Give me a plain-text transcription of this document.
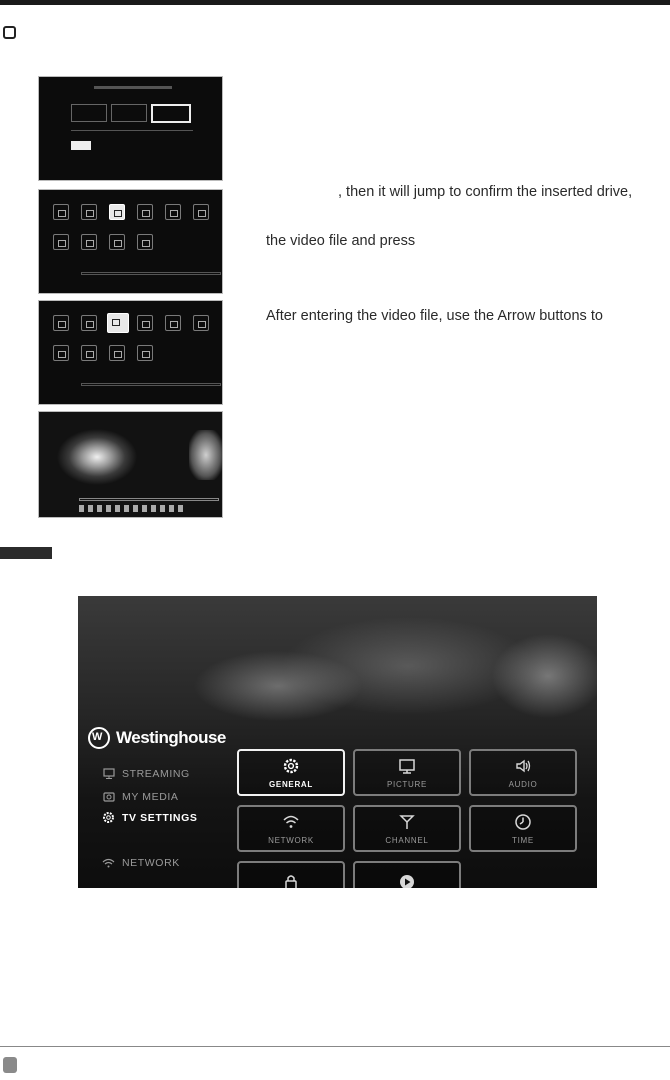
, then it will jump to confirm the inserted drive,
the video file and press
After entering the video file, use the Arrow buttons to
W
Westinghouse
STREAMING
MY MEDIA
TV SETTINGS
NETWORK
GENERAL	PICTURE	AUDIO
NETWORK	CHANNEL	TIME
